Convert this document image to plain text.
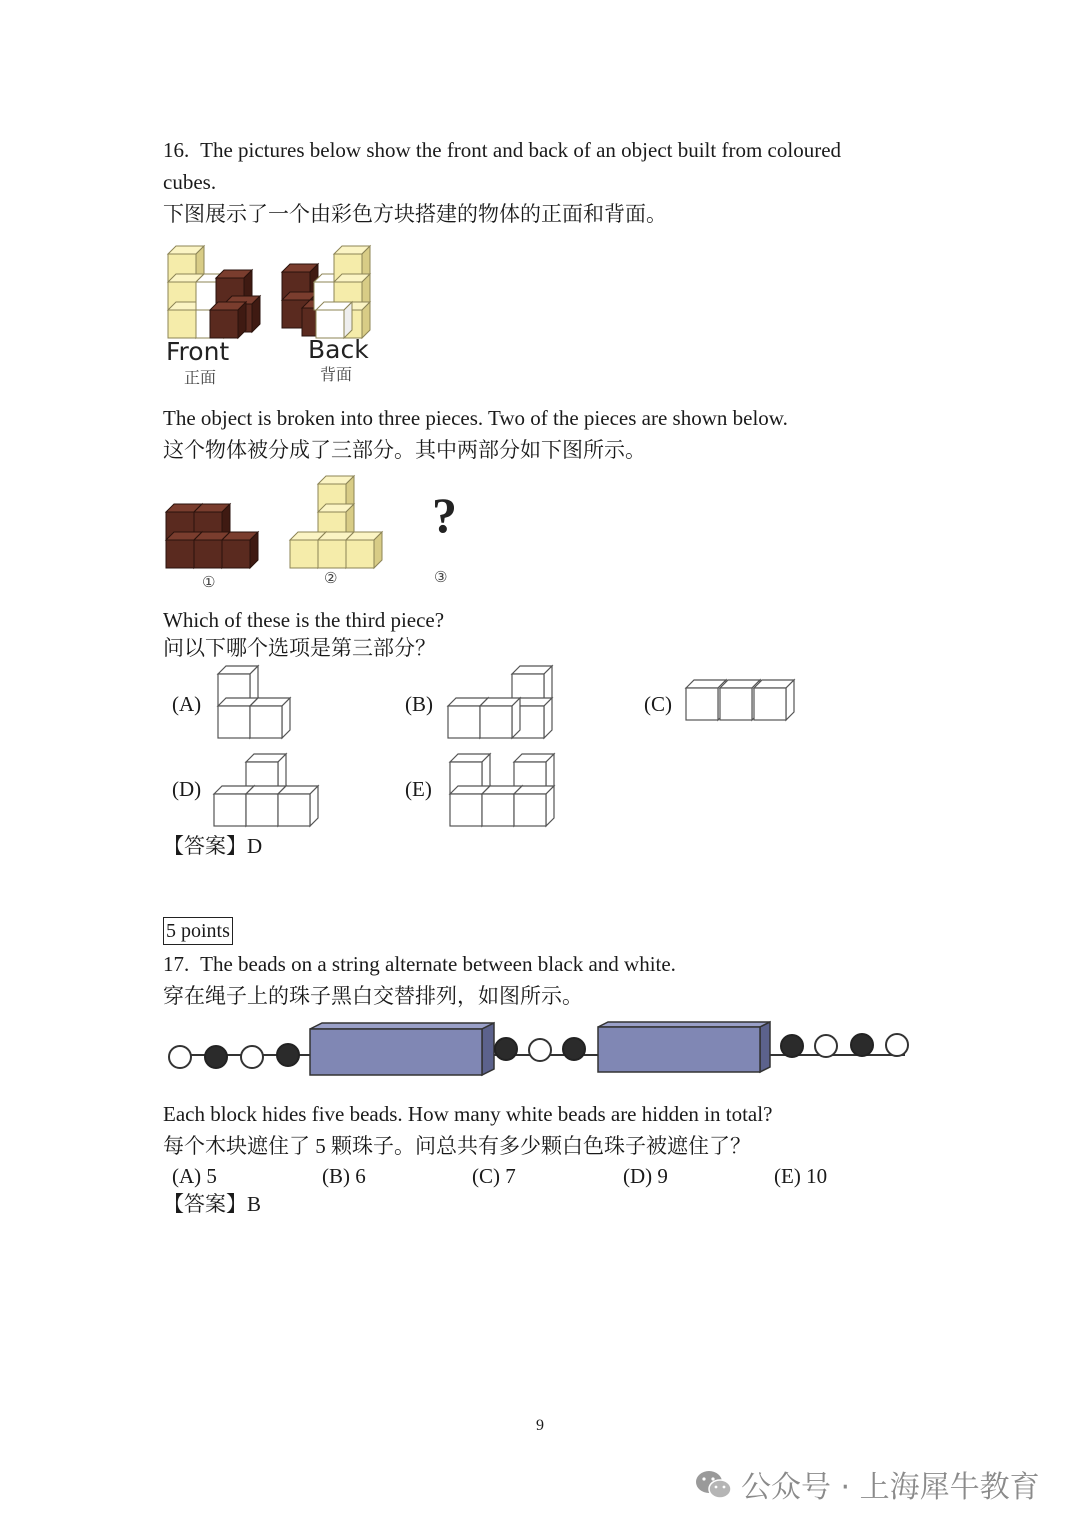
16. The pictures below show the front and back of an object built from coloured
cubes.
下图展示了一个由彩色方块搭建的物体的正面和背面。
Front
正面
Back
背面
The object is broken into three pieces. Two of the pieces are shown below.
这个物体被分成了三部分。其中两部分如下图所示。
?
①	②	③
Which of these is the third piece?
问以下哪个选项是第三部分？
(A)	(B)	(C)
(D)	(E)
【答案】D
5 points
17. The beads on a string alternate between black and white.
穿在绳子上的珠子黑白交替排列，如图所示。
Each block hides five beads. How many white beads are hidden in total?
每个木块遮住了 5 颗珠子。问总共有多少颗白色珠子被遮住了？
(A) 5	(B) 6	(C) 7	(D) 9	(E) 10
【答案】B
9
公众号 · 上海犀牛教育
